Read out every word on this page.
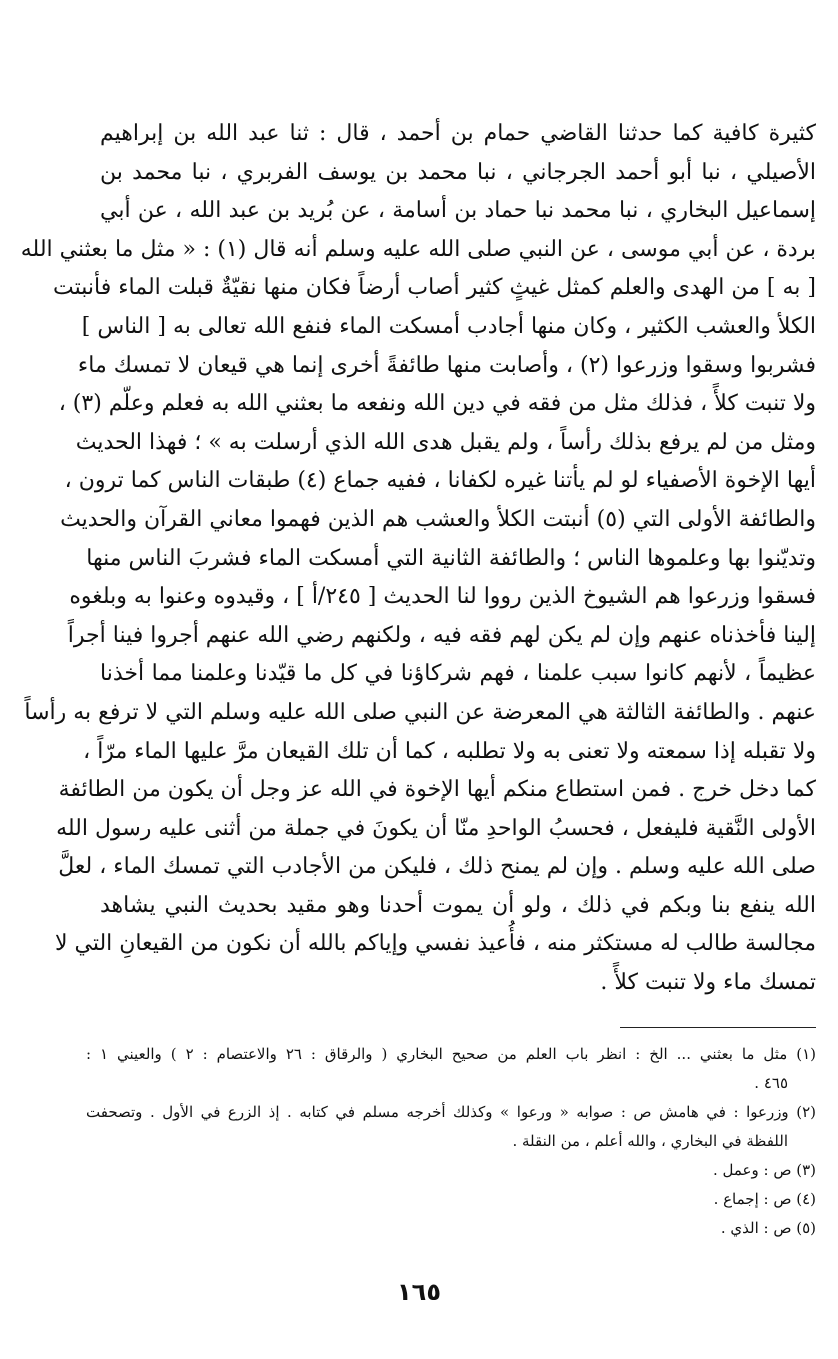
كثيرة كافية كما حدثنا القاضي حمام بن أحمد ، قال : ثنا عبد الله بن إبراهيم
الأصيلي ، نبا أبو أحمد الجرجاني ، نبا محمد بن يوسف الفربري ، نبا محمد بن
إسماعيل البخاري ، نبا محمد نبا حماد بن أسامة ، عن بُريد بن عبد الله ، عن أبي
بردة ، عن أبي موسى ، عن النبي صلى الله عليه وسلم أنه قال (١) : « مثل ما بعثني الله
[ به ] من الهدى والعلم كمثل غيثٍ كثير أصاب أرضاً فكان منها نقيّةٌ قبلت الماء فأنبتت
الكلأ والعشب الكثير ، وكان منها أجادب أمسكت الماء فنفع الله تعالى به [ الناس ]
فشربوا وسقوا وزرعوا (٢) ، وأصابت منها طائفةً أخرى إنما هي قيعان لا تمسك ماء
ولا تنبت كلأً ، فذلك مثل من فقه في دين الله ونفعه ما بعثني الله به فعلم وعلّم (٣) ،
ومثل من لم يرفع بذلك رأساً ، ولم يقبل هدى الله الذي أرسلت به » ؛ فهذا الحديث
أيها الإخوة الأصفياء لو لم يأتنا غيره لكفانا ، ففيه جماع (٤) طبقات الناس كما ترون ،
والطائفة الأولى التي (٥) أنبتت الكلأ والعشب هم الذين فهموا معاني القرآن والحديث
وتديّنوا بها وعلموها الناس ؛ والطائفة الثانية التي أمسكت الماء فشربَ الناس منها
فسقوا وزرعوا هم الشيوخ الذين رووا لنا الحديث [ ٢٤٥/أ ] ، وقيدوه وعنوا به وبلغوه
إلينا فأخذناه عنهم وإن لم يكن لهم فقه فيه ، ولكنهم رضي الله عنهم أجروا فينا أجراً
عظيماً ، لأنهم كانوا سبب علمنا ، فهم شركاؤنا في كل ما قيّدنا وعلمنا مما أخذنا
عنهم . والطائفة الثالثة هي المعرضة عن النبي صلى الله عليه وسلم التي لا ترفع به رأساً
ولا تقبله إذا سمعته ولا تعنى به ولا تطلبه ، كما أن تلك القيعان مرَّ عليها الماء مرّاً ،
كما دخل خرج . فمن استطاع منكم أيها الإخوة في الله عز وجل أن يكون من الطائفة
الأولى النَّقية فليفعل ، فحسبُ الواحدِ منّا أن يكونَ في جملة من أثنى عليه رسول الله
صلى الله عليه وسلم . وإن لم يمنح ذلك ، فليكن من الأجادب التي تمسك الماء ، لعلَّ
الله ينفع بنا وبكم في ذلك ، ولو أن يموت أحدنا وهو مقيد بحديث النبي يشاهد
مجالسة طالب له مستكثر منه ، فأُعيذ نفسي وإياكم بالله أن نكون من القيعانِ التي لا
تمسك ماء ولا تنبت كلأً .
(١) مثل ما بعثني ... الخ : انظر باب العلم من صحيح البخاري ( والرقاق : ٢٦ والاعتصام : ٢ ) والعيني ١ :
٤٦٥ .
(٢) وزرعوا : في هامش ص : صوابه « ورعوا » وكذلك أخرجه مسلم في كتابه . إذ الزرع في الأول . وتصحفت
اللفظة في البخاري ، والله أعلم ، من النقلة .
(٣) ص : وعمل .
(٤) ص : إجماع .
(٥) ص : الذي .
١٦٥
